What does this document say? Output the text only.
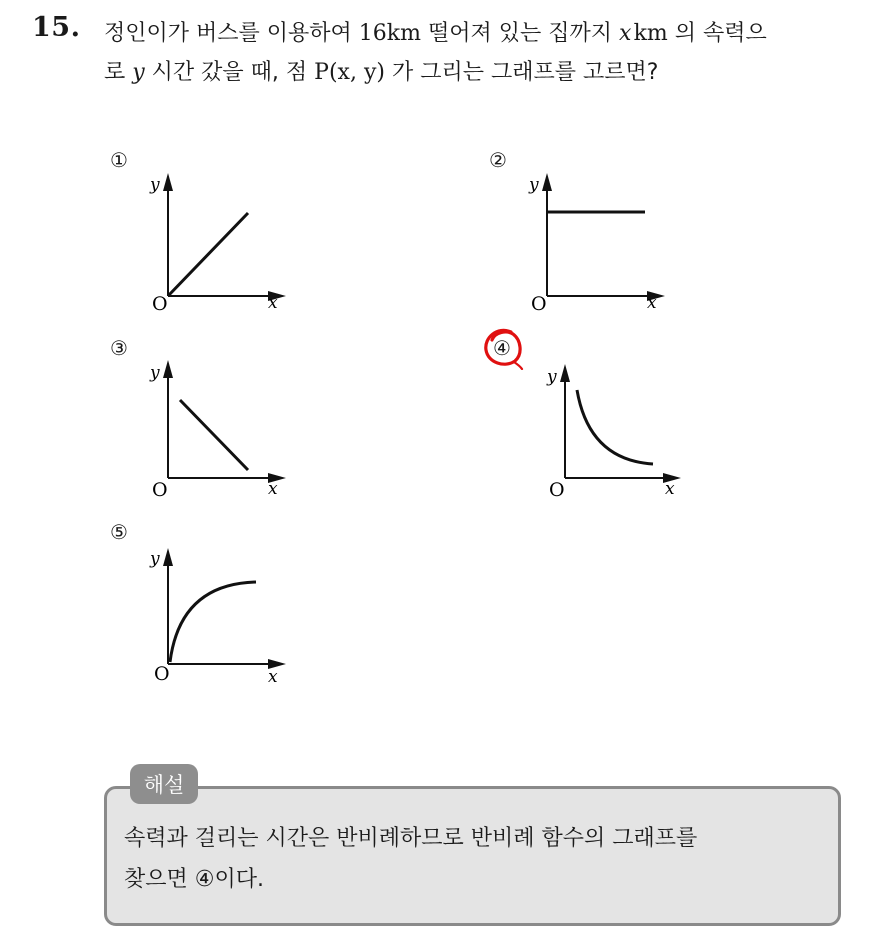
15. 정인이가 버스를 이용하여 16km 떨어져 있는 집까지 x  km 의 속력으
로 y 시간 갔을 때, 점 P(x, y) 가 그리는 그래프를 고르면?
①
y
x
O
②
y
x
O
③
y
x
O
④
y
x
O
⑤
y
x
O
해설
속력과 걸리는 시간은 반비례하므로 반비례 함수의 그래프를
찾으면 ④이다.
